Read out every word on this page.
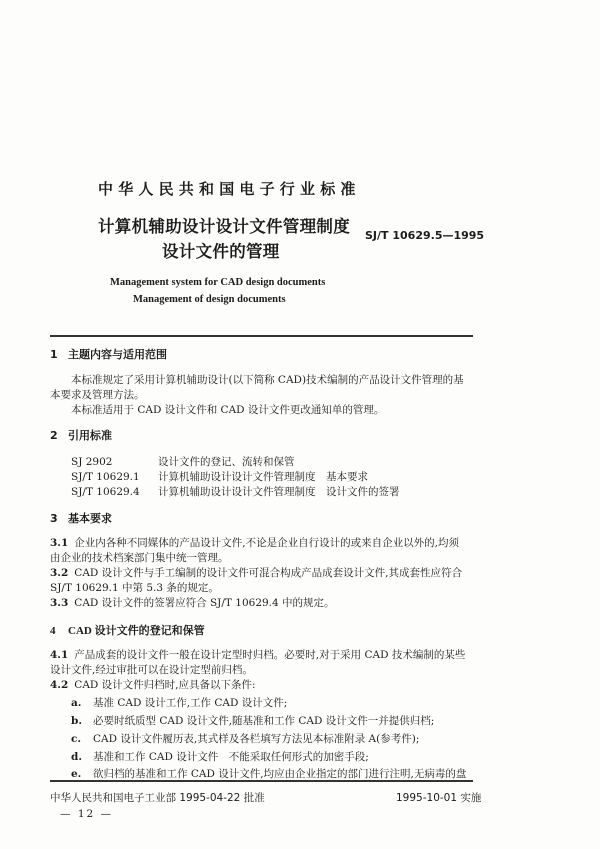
中华人民共和国电子行业标准
计算机辅助设计设计文件管理制度
设计文件的管理
SJ/T 10629.5—1995
Management system for CAD design documents
Management of design documents
1 主题内容与适用范围
本标准规定了采用计算机辅助设计(以下简称 CAD)技术编制的产品设计文件管理的基
本要求及管理方法。
本标准适用于 CAD 设计文件和 CAD 设计文件更改通知单的管理。
2 引用标准
SJ 2902	设计文件的登记、流转和保管
SJ/T 10629.1 计算机辅助设计设计文件管理制度　基本要求
SJ/T 10629.4 计算机辅助设计设计文件管理制度　设计文件的签署
3 基本要求
3.1 企业内各种不同媒体的产品设计文件,不论是企业自行设计的或来自企业以外的,均须
由企业的技术档案部门集中统一管理。
3.2 CAD 设计文件与手工编制的设计文件可混合构成产品成套设计文件,其成套性应符合
SJ/T 10629.1 中第 5.3 条的规定。
3.3 CAD 设计文件的签署应符合 SJ/T 10629.4 中的规定。
4 CAD 设计文件的登记和保管
4.1 产品成套的设计文件一般在设计定型时归档。必要时,对于采用 CAD 技术编制的某些
设计文件,经过审批可以在设计定型前归档。
4.2 CAD 设计文件归档时,应具备以下条件:
a. 基准 CAD 设计工作,工作 CAD 设计文件;
b. 必要时纸质型 CAD 设计文件,随基准和工作 CAD 设计文件一并提供归档;
c. CAD 设计文件履历表,其式样及各栏填写方法见本标准附录 A(参考件);
d. 基准和工作 CAD 设计文件　不能采取任何形式的加密手段;
e. 欲归档的基准和工作 CAD 设计文件,均应由企业指定的部门进行注明,无病毒的盘
中华人民共和国电子工业部 1995-04-22 批准	1995-10-01 实施
— 12 —
